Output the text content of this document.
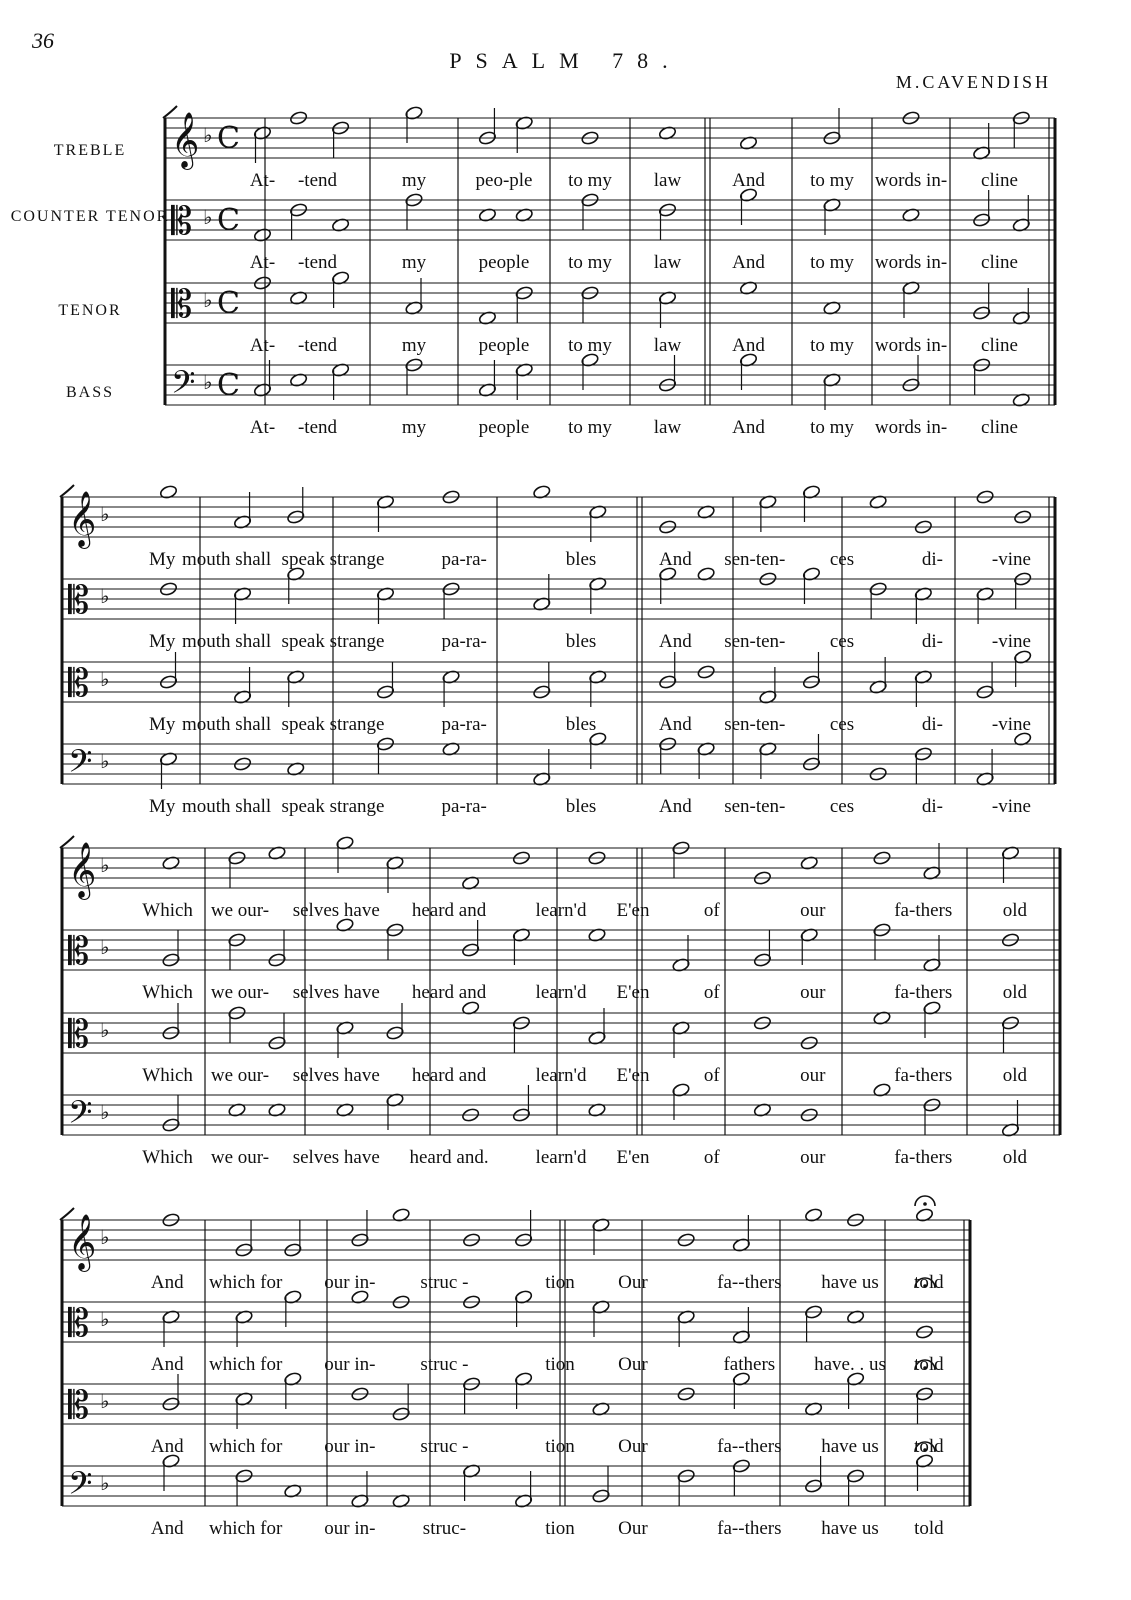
36
PSALM 78.
M.CAVENDISH
TREBLE
COUNTER TENOR
TENOR
BASS
𝄞 ♭ C
𝄡 ♭ C
𝄡 ♭ C
𝄢 ♭ C
𝄞 ♭
𝄡 ♭
𝄡 ♭
𝄢 ♭
𝄞 ♭
𝄡 ♭
𝄡 ♭
𝄢 ♭
𝄞 ♭
𝄡 ♭
𝄡 ♭
𝄢 ♭
At- -tend	my	peo-ple to my law	And to my words in- cline
At- -tend	my	people to my law	And to my words in- cline
At- -tend	my	people to my law	And to my words in- cline
At- -tend	my	people to my law	And to my words in- cline
My mouth shall speak strange	pa-ra-	bles	And sen-ten- ces	di-	-vine
My mouth shall speak strange	pa-ra-	bles	And sen-ten- ces	di-	-vine
My mouth shall speak strange	pa-ra-	bles	And sen-ten- ces	di-	-vine
My mouth shall speak strange	pa-ra-	bles	And sen-ten- ces	di-	-vine
Which we our- selves have heard and	learn'd E'en	of	our	fa-thers	old
Which we our- selves have heard and	learn'd E'en	of	our	fa-thers	old
Which we our- selves have heard and	learn'd E'en	of	our	fa-thers	old
Which we our- selves have heard and. learn'd E'en	of	our	fa-thers	old
And which for our in- struc -	tion Our	fa--thers have us told
And which for our in- struc -	tion Our	fathers have. . us told
And which for our in- struc -	tion Our	fa--thers have us told
And which for our in- struc-	tion Our	fa--thers have us told
